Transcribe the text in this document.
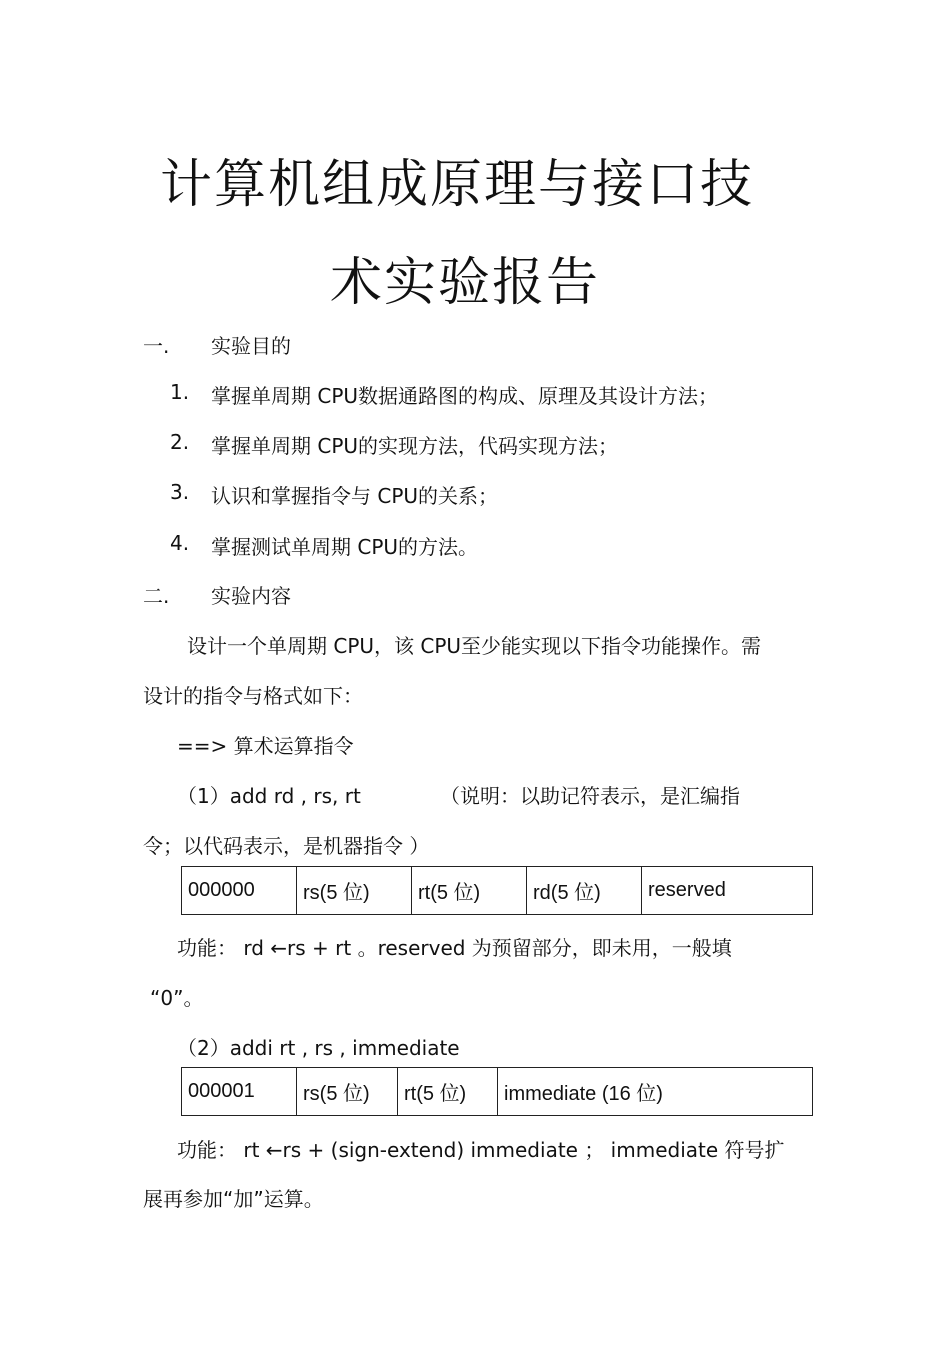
计算机组成原理与接口技
术实验报告
一. 实验目的
1. 掌握单周期 CPU数据通路图的构成、原理及其设计方法；
2. 掌握单周期 CPU的实现方法，代码实现方法；
3. 认识和掌握指令与 CPU的关系；
4. 掌握测试单周期 CPU的方法。
二. 实验内容
设计一个单周期 CPU，该 CPU至少能实现以下指令功能操作。需
设计的指令与格式如下：
==> 算术运算指令
（1）add rd , rs, rt	（说明：以助记符表示，是汇编指
令；以代码表示，是机器指令 ）
000000	rs(5 位)	rt(5 位)	rd(5 位)	reserved
功能： rd ←rs + rt 。reserved 为预留部分，即未用，一般填
“0”。
（2）addi rt , rs , immediate
000001	rs(5 位)	rt(5 位)	immediate (16 位)
功能： rt ←rs + (sign-extend) immediate ； immediate 符号扩
展再参加“加”运算。
